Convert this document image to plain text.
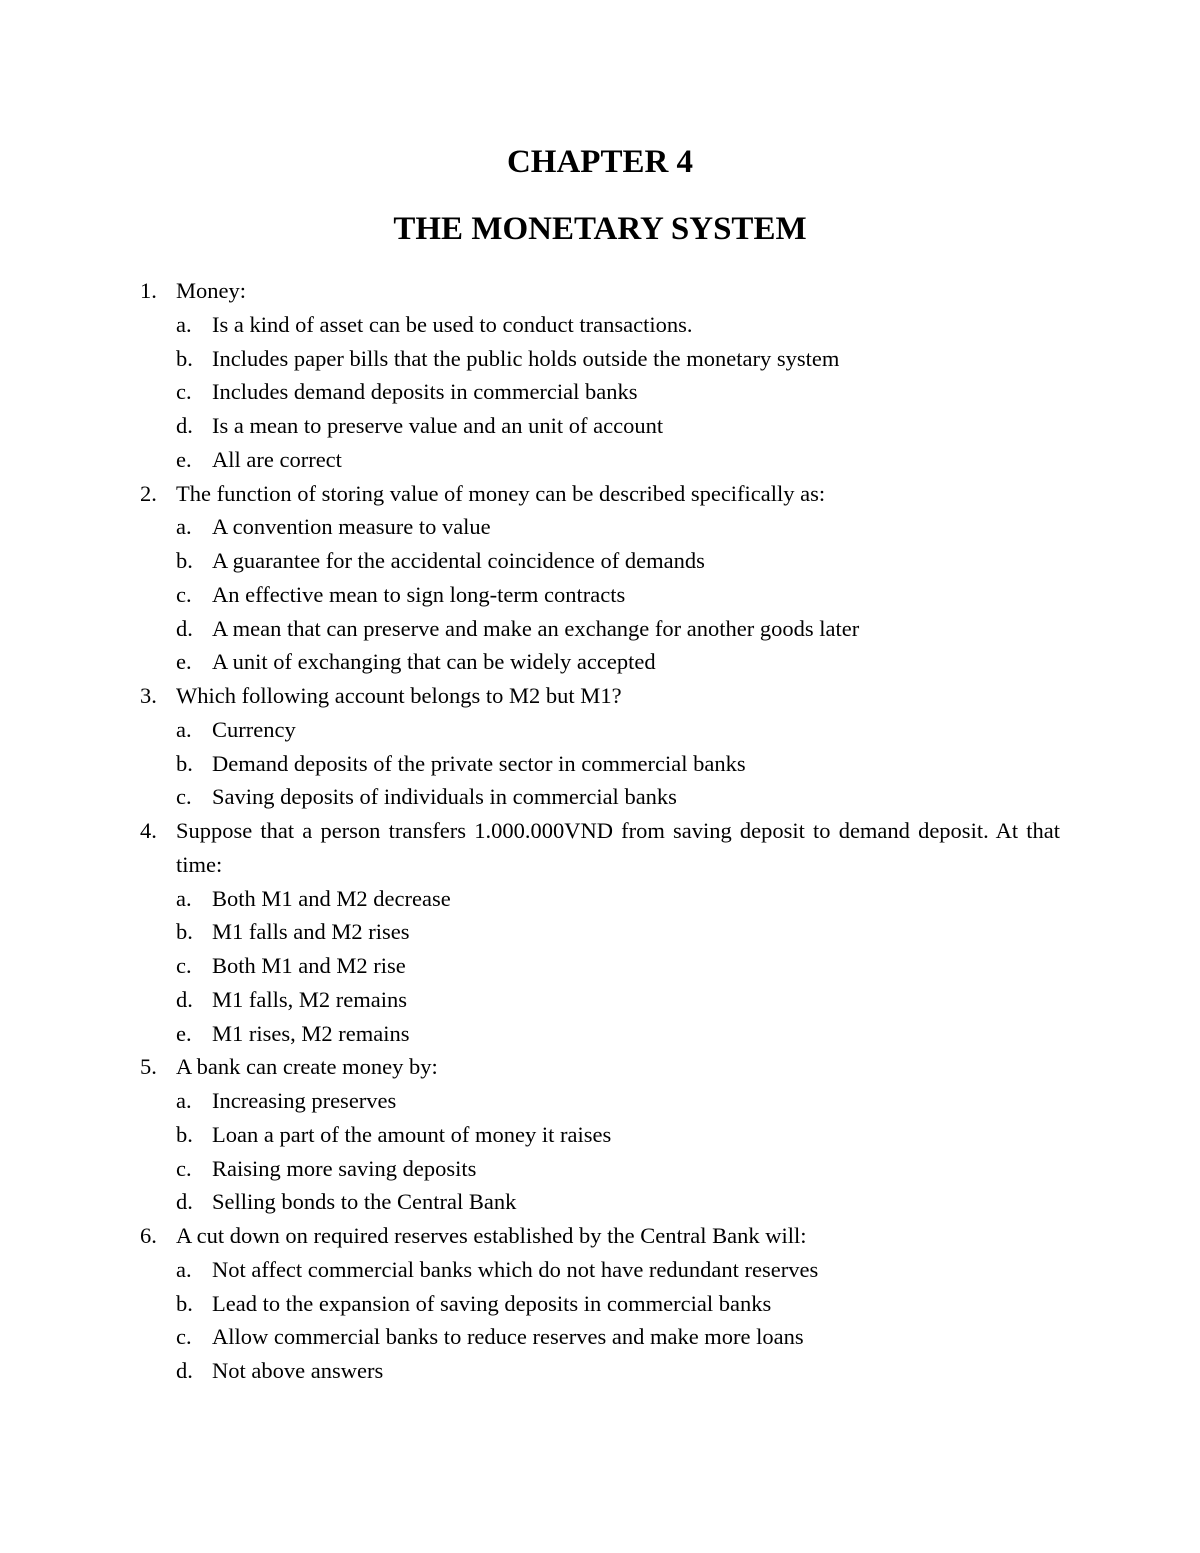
CHAPTER 4
THE MONETARY SYSTEM
1. Money:
a. Is a kind of asset can be used to conduct transactions.
b. Includes paper bills that the public holds outside the monetary system
c. Includes demand deposits in commercial banks
d. Is a mean to preserve value and an unit of account
e. All are correct
2. The function of storing value of money can be described specifically as:
a. A convention measure to value
b. A guarantee for the accidental coincidence of demands
c. An effective mean to sign long-term contracts
d. A mean that can preserve and make an exchange for another goods later
e. A unit of exchanging that can be widely accepted
3. Which following account belongs to M2 but M1?
a. Currency
b. Demand deposits of the private sector in commercial banks
c. Saving deposits of individuals in commercial banks
4. Suppose that a person transfers 1.000.000VND from saving deposit to demand deposit. At that time:
a. Both M1 and M2 decrease
b. M1 falls and M2 rises
c. Both M1 and M2 rise
d. M1 falls, M2 remains
e. M1 rises, M2 remains
5. A bank can create money by:
a. Increasing preserves
b. Loan a part of the amount of money it raises
c. Raising more saving deposits
d. Selling bonds to the Central Bank
6. A cut down on required reserves established by the Central Bank will:
a. Not affect commercial banks which do not have redundant reserves
b. Lead to the expansion of saving deposits in commercial banks
c. Allow commercial banks to reduce reserves and make more loans
d. Not above answers
